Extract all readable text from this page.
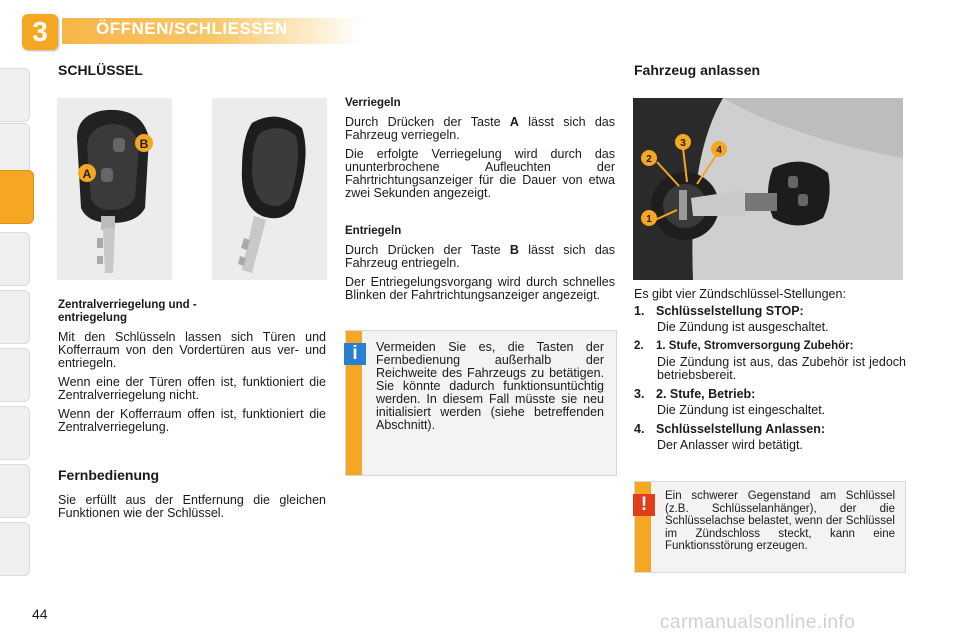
3	ÖFFNEN/SCHLIESSEN
SCHLÜSSEL
B
A

Zentralverriegelung und -entriegelung

Mit den Schlüsseln lassen sich Türen und Kofferraum von den Vordertüren aus ver- und entriegeln.

Wenn eine der Türen offen ist, funktioniert die Zentralverriegelung nicht.

Wenn der Kofferraum offen ist, funktioniert die Zentralverriegelung.

Fernbedienung
Sie erfüllt aus der Entfernung die gleichen Funktionen wie der Schlüssel.

Verriegeln

Durch Drücken der Taste A lässt sich das Fahrzeug verriegeln.

Die erfolgte Verriegelung wird durch das ununterbrochene Aufleuchten der Fahrtrichtungsanzeiger für die Dauer von etwa zwei Sekunden angezeigt.

Entriegeln

Durch Drücken der Taste B lässt sich das Fahrzeug entriegeln.

Der Entriegelungsvorgang wird durch schnelles Blinken der Fahrtrichtungsanzeiger angezeigt.

i	Vermeiden Sie es, die Tasten der Fernbedienung außerhalb der Reichweite des Fahrzeugs zu betätigen. Sie könnte dadurch funktionsuntüchtig werden. In diesem Fall müsste sie neu initialisiert werden (siehe betreffenden Abschnitt).
Fahrzeug anlassen
1
2
3
4

Es gibt vier Zündschlüssel-Stellungen:

1. Schlüsselstellung STOP:
Die Zündung ist ausgeschaltet.
2. 1. Stufe, Stromversorgung Zubehör:
Die Zündung ist aus, das Zubehör ist jedoch betriebsbereit.
3. 2. Stufe, Betrieb:
Die Zündung ist eingeschaltet.
4. Schlüsselstellung Anlassen:
Der Anlasser wird betätigt.
!	Ein schwerer Gegenstand am Schlüssel (z.B. Schlüsselanhänger), der die Schlüsselachse belastet, wenn der Schlüssel im Zündschloss steckt, kann eine Funktionsstörung erzeugen.
44	carmanualsonline.info
